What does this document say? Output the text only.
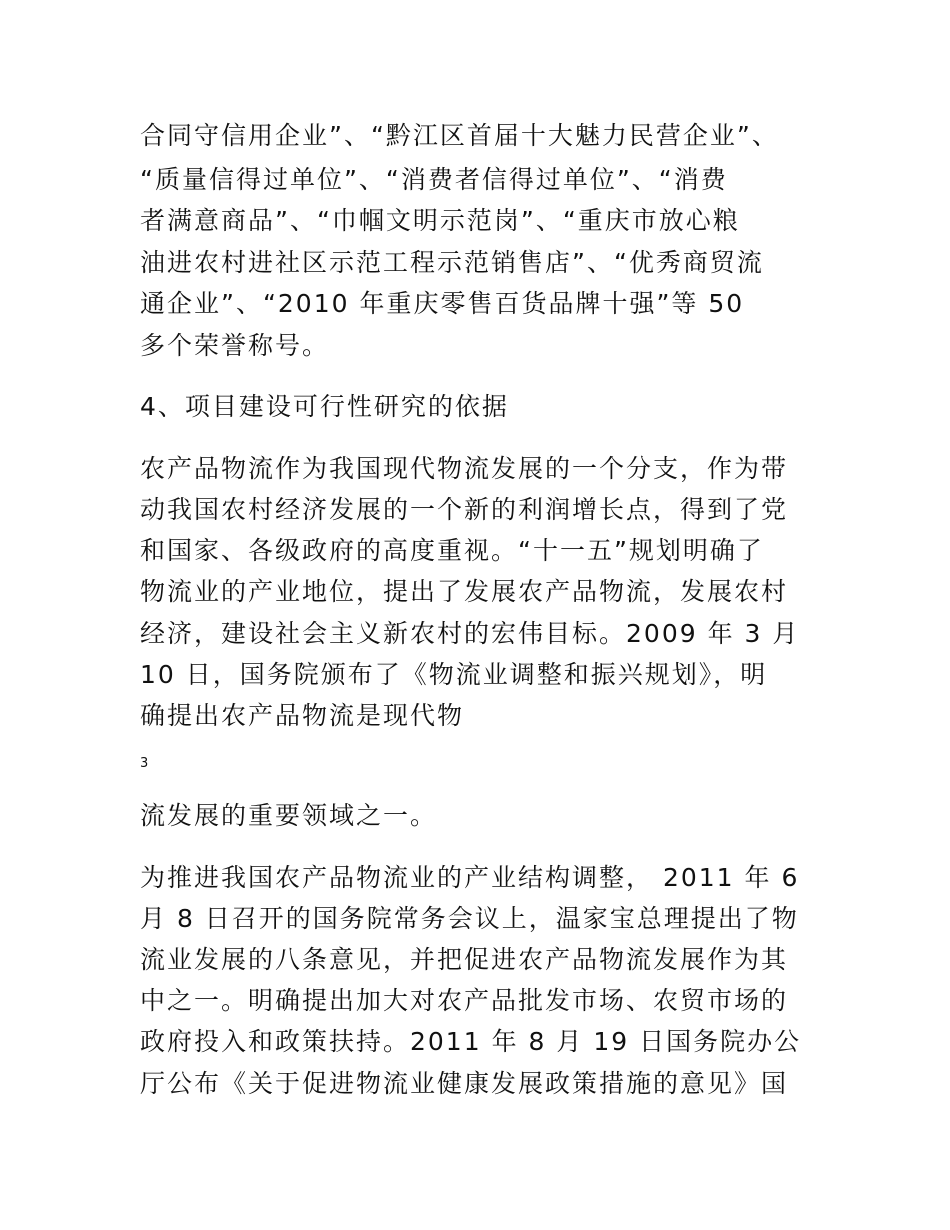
合同守信用企业”、“黔江区首届十大魅力民营企业”、
“质量信得过单位”、“消费者信得过单位”、“消费
者满意商品”、“巾帼文明示范岗”、“重庆市放心粮
油进农村进社区示范工程示范销售店”、“优秀商贸流
通企业”、“2010 年重庆零售百货品牌十强”等 50
多个荣誉称号。
4、项目建设可行性研究的依据
农产品物流作为我国现代物流发展的一个分支，作为带
动我国农村经济发展的一个新的利润增长点，得到了党
和国家、各级政府的高度重视。“十一五”规划明确了
物流业的产业地位，提出了发展农产品物流，发展农村
经济，建设社会主义新农村的宏伟目标。2009 年 3 月
10 日，国务院颁布了《物流业调整和振兴规划》，明
确提出农产品物流是现代物
3
流发展的重要领域之一。
为推进我国农产品物流业的产业结构调整， 2011 年 6
月 8 日召开的国务院常务会议上，温家宝总理提出了物
流业发展的八条意见，并把促进农产品物流发展作为其
中之一。明确提出加大对农产品批发市场、农贸市场的
政府投入和政策扶持。2011 年 8 月 19 日国务院办公
厅公布《关于促进物流业健康发展政策措施的意见》国
